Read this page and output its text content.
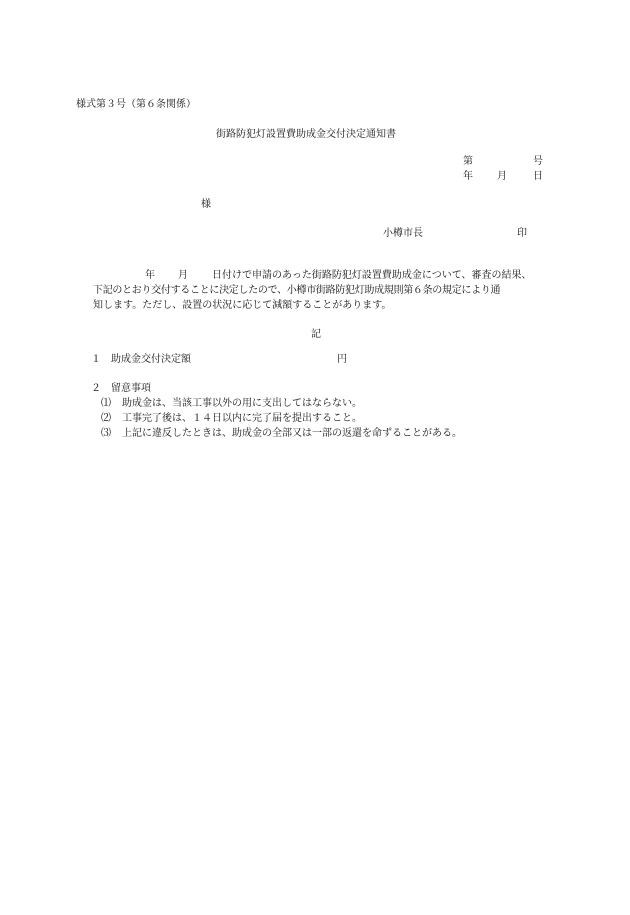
様式第３号（第６条関係）
街路防犯灯設置費助成金交付決定通知書
第	号
年 月	日
様
小樽市長	印
年 月 日付けで申請のあった街路防犯灯設置費助成金について、審査の結果、
下記のとおり交付することに決定したので、小樽市街路防犯灯助成規則第６条の規定により通
知します。ただし、設置の状況に応じて減額することがあります。
記
１ 助成金交付決定額	円
２ 留意事項
⑴ 助成金は、当該工事以外の用に支出してはならない。
⑵ 工事完了後は、１４日以内に完了届を提出すること。
⑶ 上記に違反したときは、助成金の全部又は一部の返還を命ずることがある。
